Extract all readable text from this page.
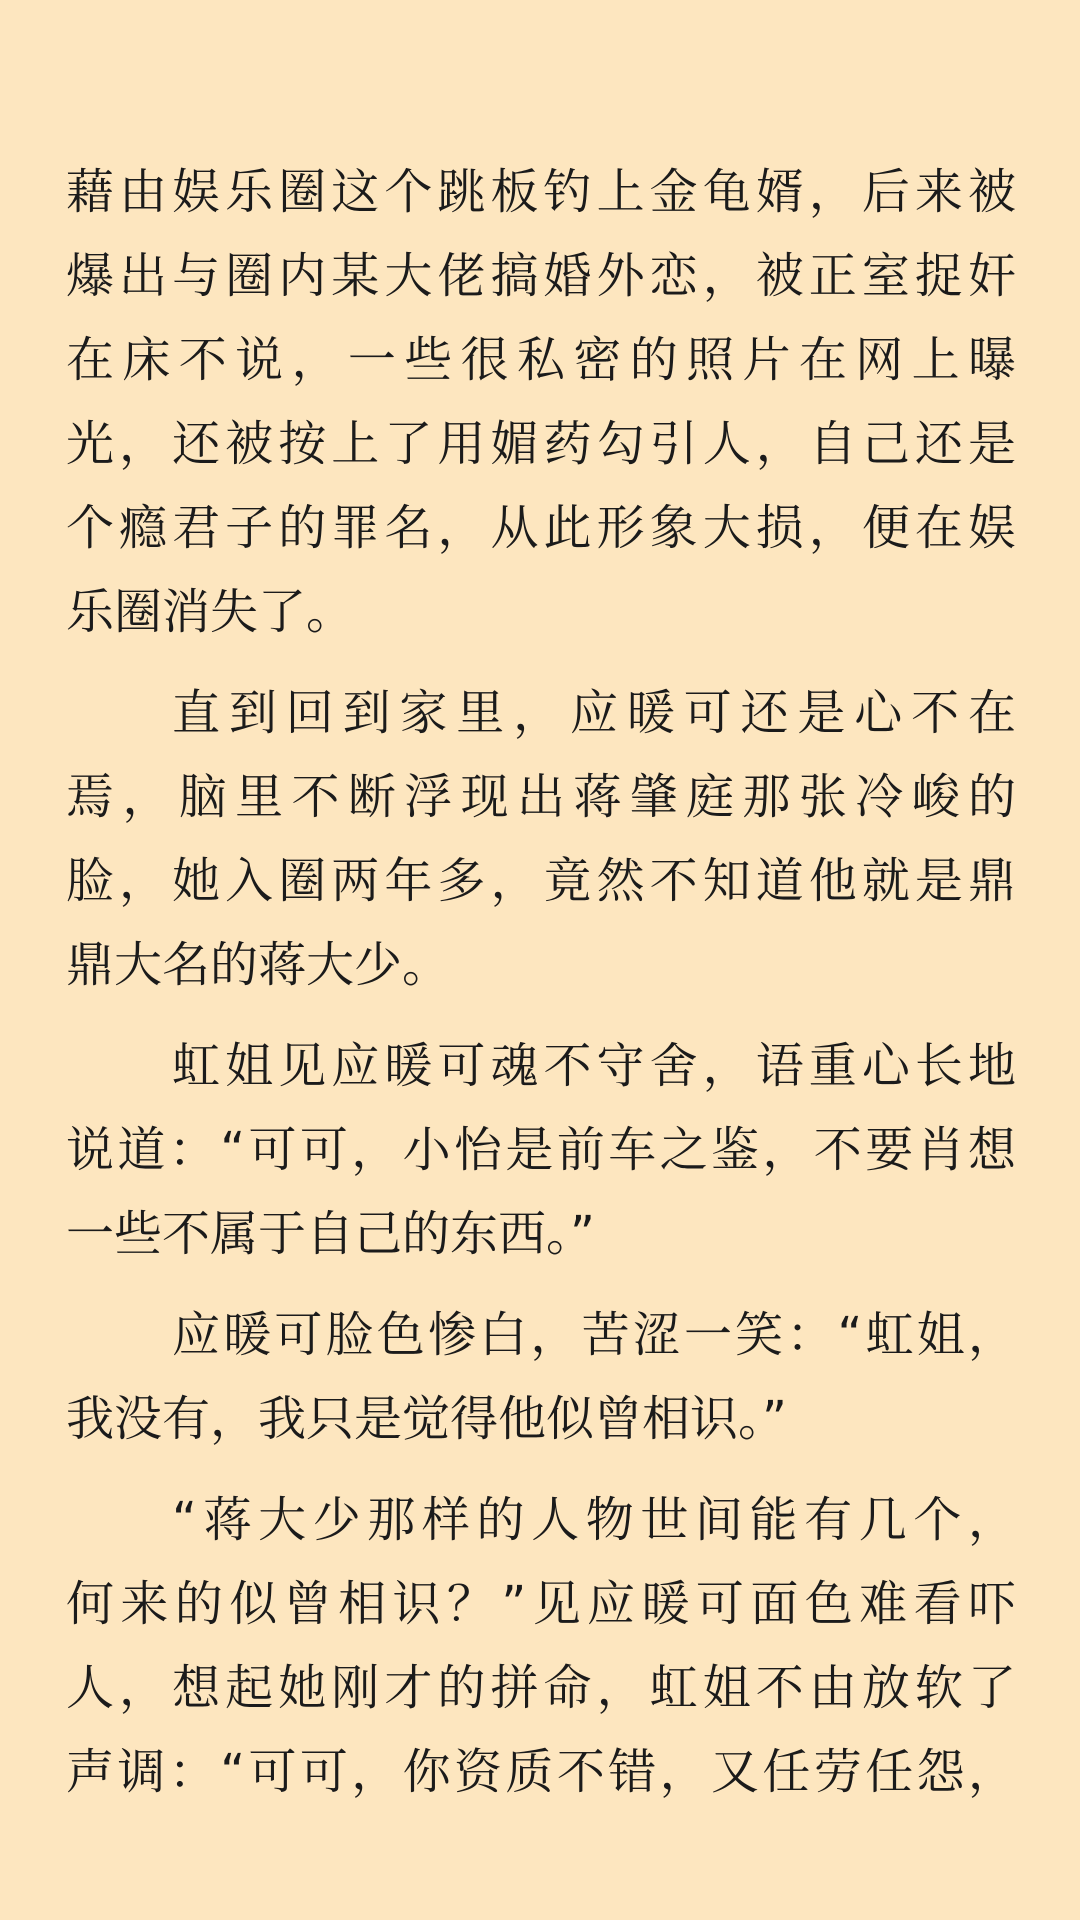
藉由娱乐圈这个跳板钓上金龟婿，后来被
爆出与圈内某大佬搞婚外恋，被正室捉奸
在床不说，一些很私密的照片在网上曝
光，还被按上了用媚药勾引人，自己还是
个瘾君子的罪名，从此形象大损，便在娱
乐圈消失了。
直到回到家里，应暖可还是心不在
焉，脑里不断浮现出蒋肇庭那张冷峻的
脸，她入圈两年多，竟然不知道他就是鼎
鼎大名的蒋大少。
虹姐见应暖可魂不守舍，语重心长地
说道：“可可，小怡是前车之鉴，不要肖想
一些不属于自己的东西。”
应暖可脸色惨白，苦涩一笑：“虹姐，
我没有，我只是觉得他似曾相识。”
“蒋大少那样的人物世间能有几个，
何来的似曾相识？”见应暖可面色难看吓
人，想起她刚才的拼命，虹姐不由放软了
声调：“可可，你资质不错，又任劳任怨，
